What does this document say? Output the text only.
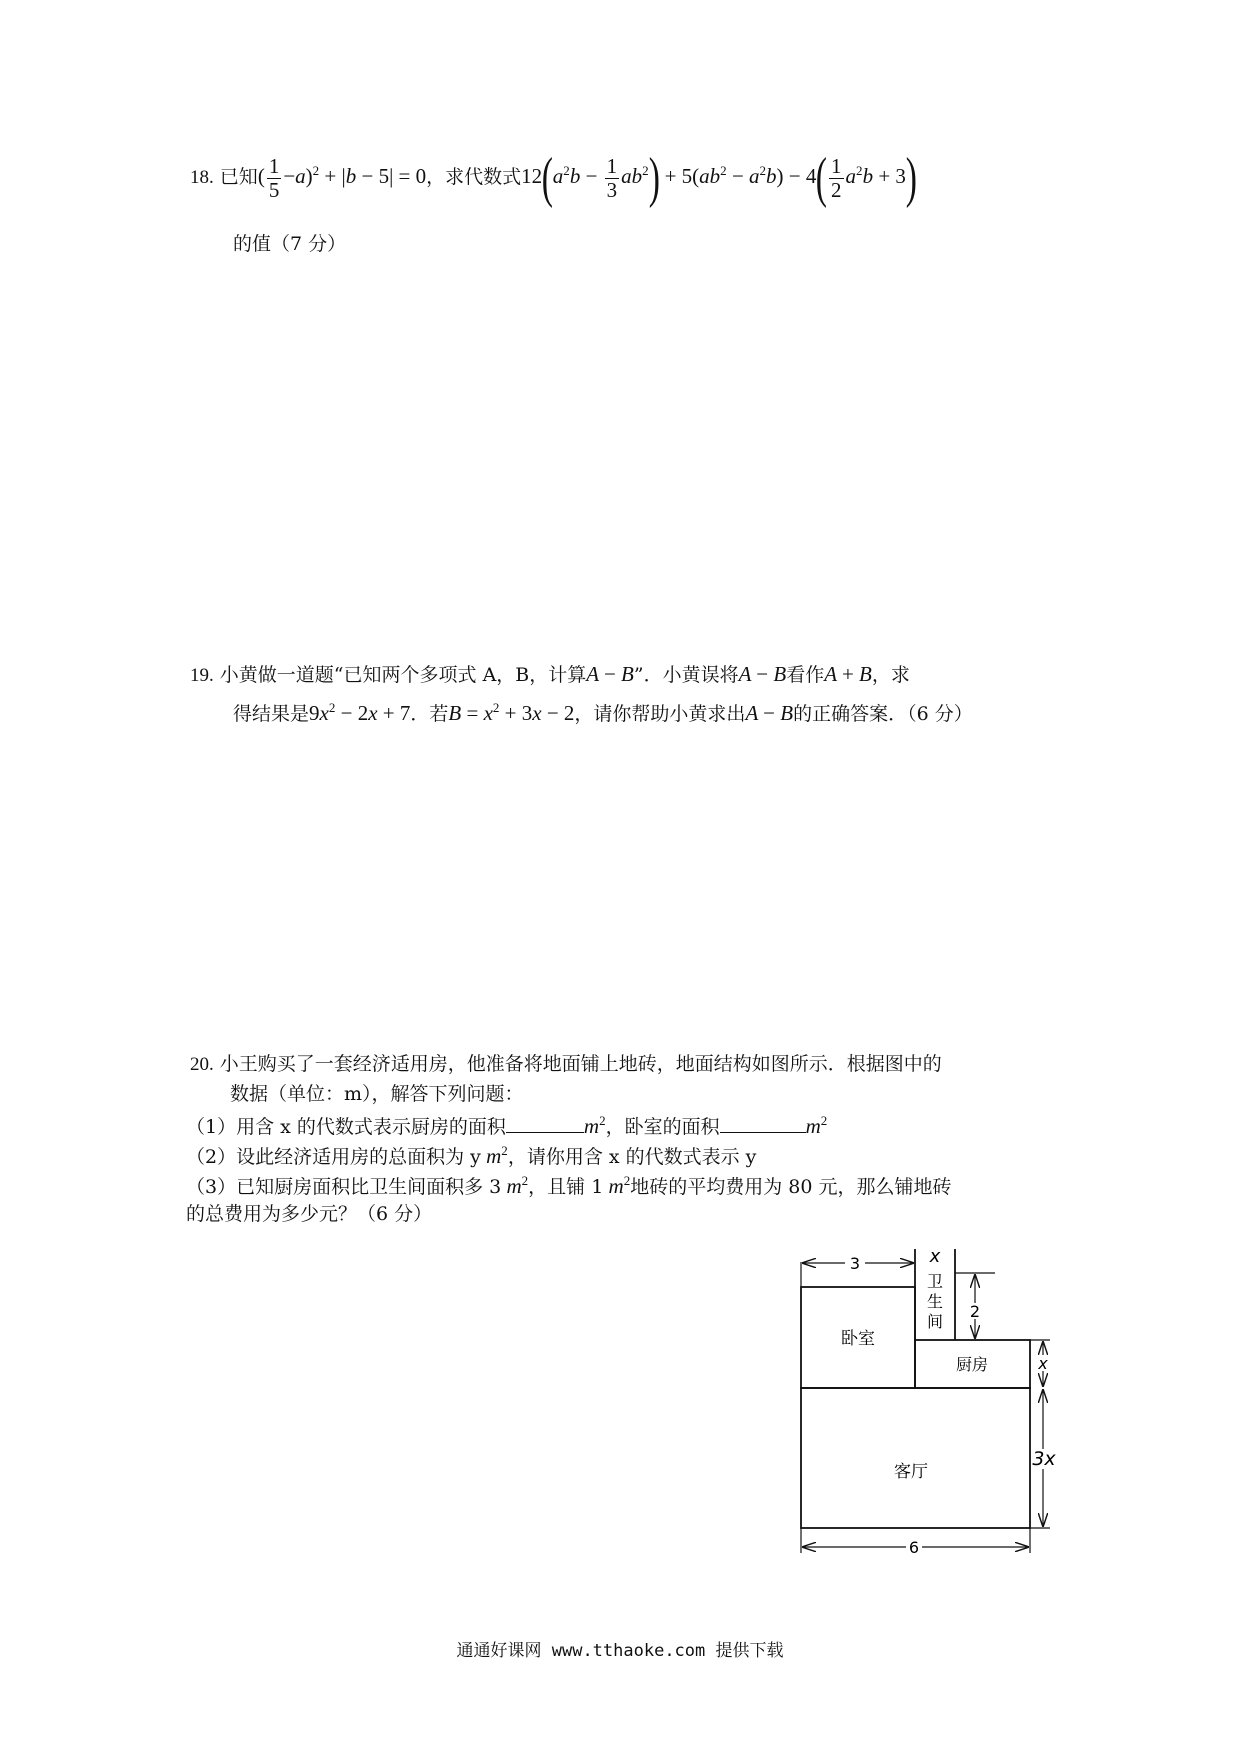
18. 已知( $\frac{1}{5} -a)^2 + |b - 5| = 0$，求代数式$12(a^2b - \frac{1}{3} ab^2) + 5(ab^2 - a^2b) - 4( \frac{1}{2} a^2b + 3)$
的值（7 分）
19. 小黄做一道题“已知两个多项式 A，B，计算A − B”．小黄误将A − B看作A + B，求
得结果是$9x^2 - 2x + 7$．若$B = x^2 + 3x - 2$，请你帮助小黄求出A − B的正确答案．（6 分）
20. 小王购买了一套经济适用房，他准备将地面铺上地砖，地面结构如图所示．根据图中的
数据（单位：m），解答下列问题：
（1）用含 x 的代数式表示厨房的面积	$m^2$，卧室的面积	$m^2$
（2）设此经济适用房的总面积为 y $m^2$，请你用含 x 的代数式表示 y
（3）已知厨房面积比卫生间面积多 3 $m^2$，且铺 1 $m^2$地砖的平均费用为 80 元，那么铺地砖
的总费用为多少元？（6 分）
3	x
卫
生
间
2
卧室
厨房	x
客厅
3x
6
通通好课网 www.tthaoke.com 提供下载
